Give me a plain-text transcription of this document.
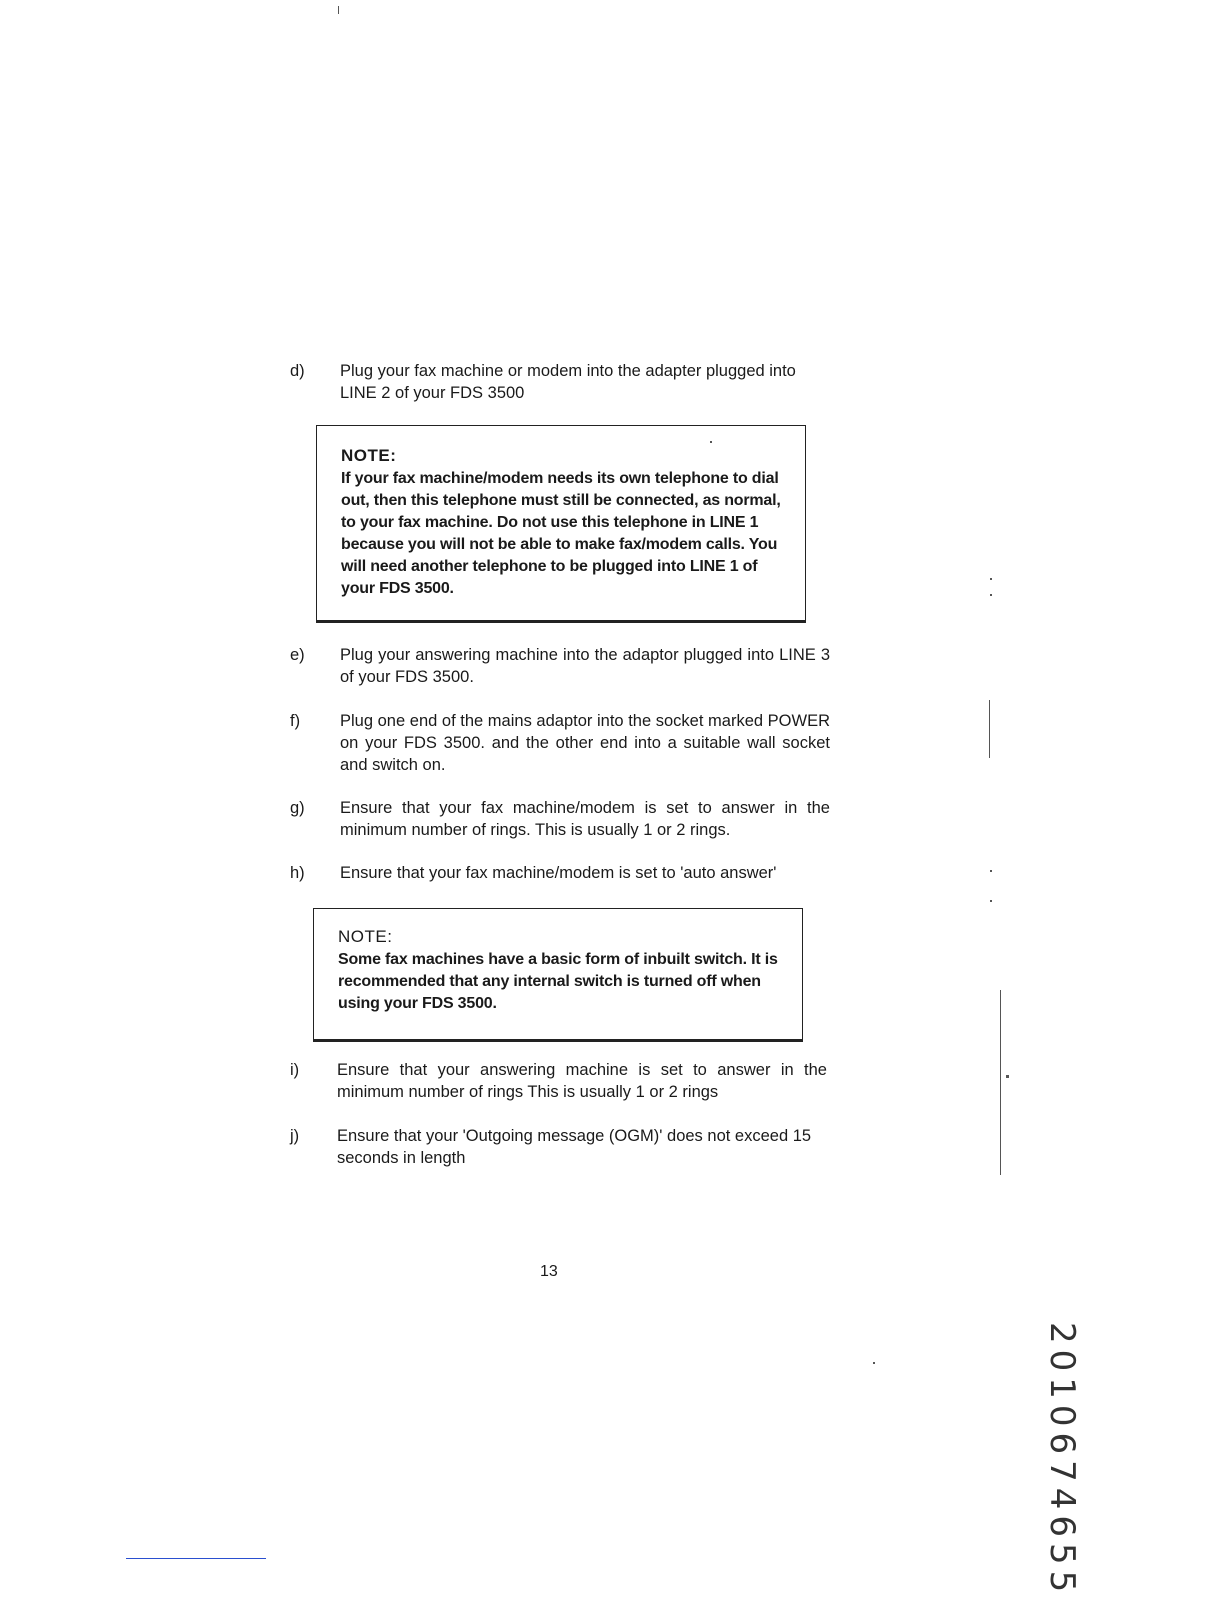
d)	Plug your fax machine or modem into the adapter plugged into LINE 2 of your FDS 3500
NOTE:
If your fax machine/modem needs its own telephone to dial out, then this telephone must still be connected, as normal, to your fax machine. Do not use this telephone in LINE 1 because you will not be able to make fax/modem calls. You will need another telephone to be plugged into LINE 1 of your FDS 3500.
e)	Plug your answering machine into the adaptor plugged into LINE 3 of your FDS 3500.
f)	Plug one end of the mains adaptor into the socket marked POWER on your FDS 3500. and the other end into a suitable wall socket and switch on.
g)	Ensure that your fax machine/modem is set to answer in the minimum number of rings. This is usually 1 or 2 rings.
h)	Ensure that your fax machine/modem is set to 'auto answer'
NOTE:
Some fax machines have a basic form of inbuilt switch. It is recommended that any internal switch is turned off when using your FDS 3500.
i)	Ensure that your answering machine is set to answer in the minimum number of rings This is usually 1 or 2 rings
j)	Ensure that your 'Outgoing message (OGM)' does not exceed 15 seconds in length
13
2010674655
